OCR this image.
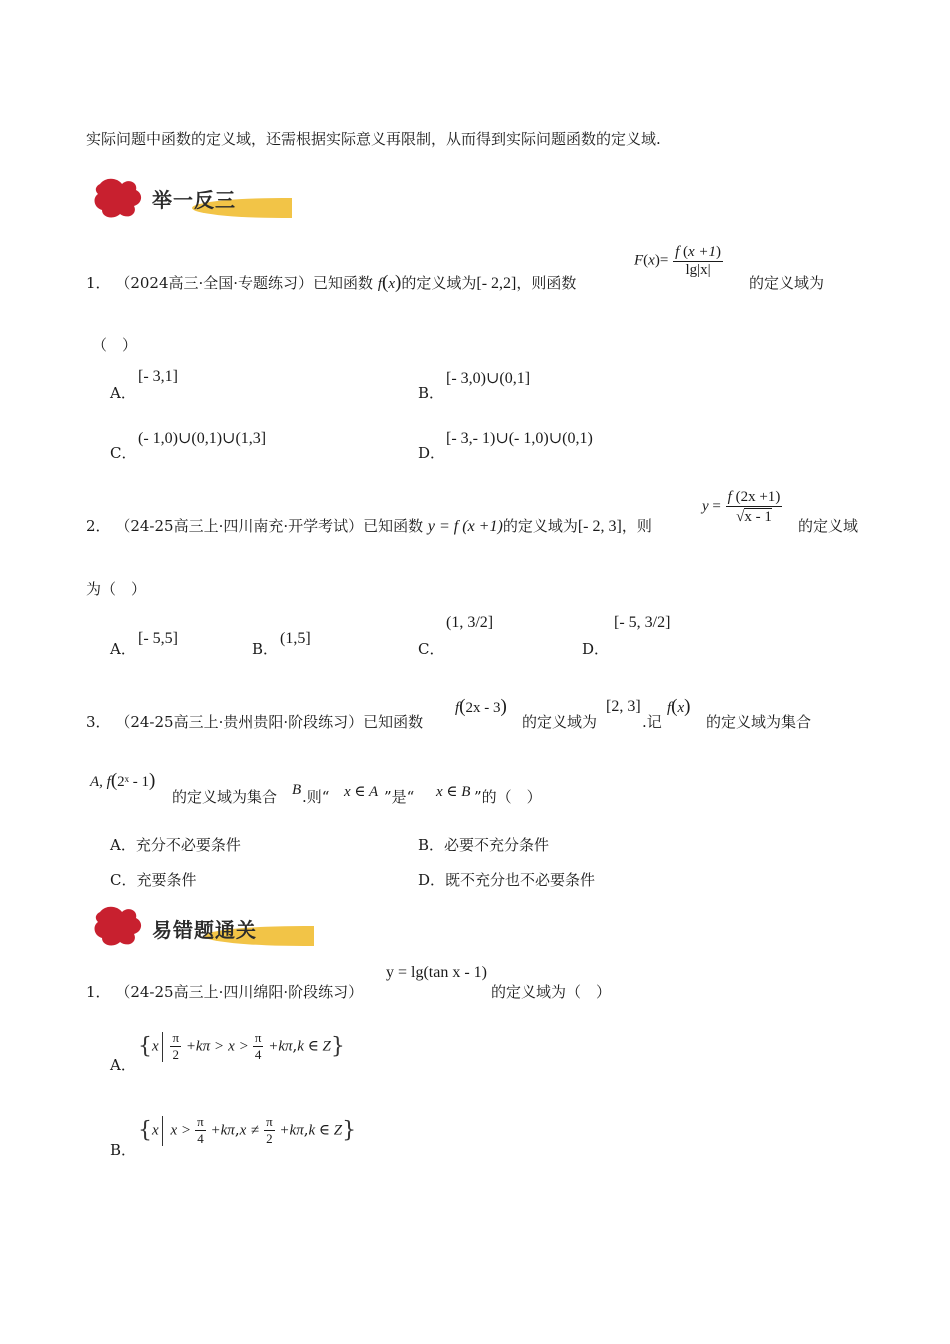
实际问题中函数的定义域，还需根据实际意义再限制，从而得到实际问题函数的定义域.
举一反三
1． （2024高三·全国·专题练习）已知函数 f(x)的定义域为[- 2,2]，则函数
$F(x)= \frac{f (x +1)}{\lg|x|}$
的定义域为
（　）
A．
[- 3,1]
B．
[- 3,0)∪(0,1]
C．
(- 1,0)∪(0,1)∪(1,3]
D．
[- 3,- 1)∪(- 1,0)∪(0,1)
2． （24-25高三上·四川南充·开学考试）已知函数 y = f (x +1)的定义域为[- 2, 3]，则
$y = \frac{f (2x +1)}{√x - 1}$ 的定义域
为（　）
A．
[- 5,5]
B．
(1,5]
C．
(1, 3/2]
D．
[- 5, 3/2]
3． （24-25高三上·贵州贵阳·阶段练习）已知函数
f(2x - 3)
的定义域为
[2, 3]
.记
f(x)
的定义域为集合
A, f(2ˣ - 1)
的定义域为集合 B .则“ x ∈ A ”是“ x ∈ B ”的（　）
A．充分不必要条件	B．必要不充分条件
C．充要条件	D．既不充分也不必要条件
易错题通关
1． （24-25高三上·四川绵阳·阶段练习）
y = lg(tan x - 1)
的定义域为（　）
A．
{$x \frac{\pi}{2} +k\pi > x > \frac{\pi}{4} +k\pi,k$ ∈ Z}
B．
{x $x > \frac{\pi}{4} +k\pi,x \ne \frac{\pi}{2} +k\pi,k$ ∈ Z}
